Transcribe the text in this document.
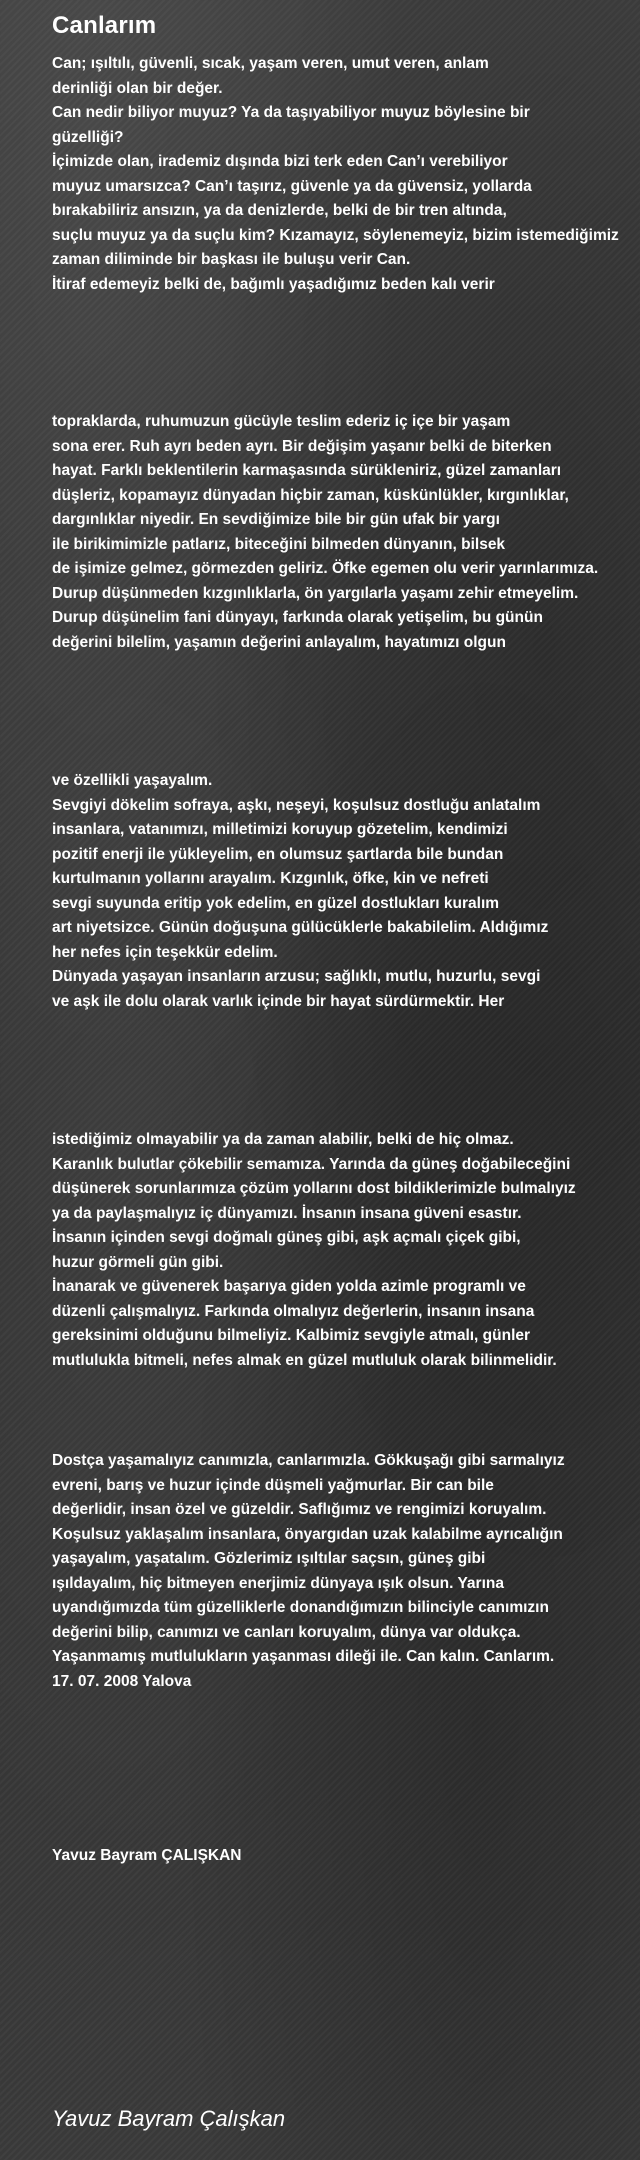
Canlarım
Can; ışıltılı, güvenli, sıcak, yaşam veren, umut veren, anlam
derinliği olan bir değer.
Can nedir biliyor muyuz? Ya da taşıyabiliyor muyuz böylesine bir
güzelliği?
İçimizde olan, irademiz dışında bizi terk eden Can’ı verebiliyor
muyuz umarsızca? Can’ı taşırız, güvenle ya da güvensiz, yollarda
bırakabiliriz ansızın, ya da denizlerde, belki de bir tren altında,
suçlu muyuz ya da suçlu kim? Kızamayız, söylenemeyiz, bizim istemediğimiz
zaman diliminde bir başkası ile buluşu verir Can.
İtiraf edemeyiz belki de, bağımlı yaşadığımız beden kalı verir
topraklarda, ruhumuzun gücüyle teslim ederiz iç içe bir yaşam
sona erer. Ruh ayrı beden ayrı. Bir değişim yaşanır belki de biterken
hayat. Farklı beklentilerin karmaşasında sürükleniriz, güzel zamanları
düşleriz, kopamayız dünyadan hiçbir zaman, küskünlükler, kırgınlıklar,
dargınlıklar niyedir. En sevdiğimize bile bir gün ufak bir yargı
ile birikimimizle patlarız, biteceğini bilmeden dünyanın, bilsek
de işimize gelmez, görmezden geliriz. Öfke egemen olu verir yarınlarımıza.
Durup düşünmeden kızgınlıklarla, ön yargılarla yaşamı zehir etmeyelim.
Durup düşünelim fani dünyayı, farkında olarak yetişelim, bu günün
değerini bilelim, yaşamın değerini anlayalım, hayatımızı olgun
ve özellikli yaşayalım.
Sevgiyi dökelim sofraya, aşkı, neşeyi, koşulsuz dostluğu anlatalım
insanlara, vatanımızı, milletimizi koruyup gözetelim, kendimizi
pozitif enerji ile yükleyelim, en olumsuz şartlarda bile bundan
kurtulmanın yollarını arayalım. Kızgınlık, öfke, kin ve nefreti
sevgi suyunda eritip yok edelim, en güzel dostlukları kuralım
art niyetsizce. Günün doğuşuna gülücüklerle bakabilelim. Aldığımız
her nefes için teşekkür edelim.
Dünyada yaşayan insanların arzusu; sağlıklı, mutlu, huzurlu, sevgi
ve aşk ile dolu olarak varlık içinde bir hayat sürdürmektir. Her
istediğimiz olmayabilir ya da zaman alabilir, belki de hiç olmaz.
Karanlık bulutlar çökebilir semamıza. Yarında da güneş doğabileceğini
düşünerek sorunlarımıza çözüm yollarını dost bildiklerimizle bulmalıyız
ya da paylaşmalıyız iç dünyamızı. İnsanın insana güveni esastır.
İnsanın içinden sevgi doğmalı güneş gibi, aşk açmalı çiçek gibi,
huzur görmeli gün gibi.
İnanarak ve güvenerek başarıya giden yolda azimle programlı ve
düzenli çalışmalıyız. Farkında olmalıyız değerlerin, insanın insana
gereksinimi olduğunu bilmeliyiz. Kalbimiz sevgiyle atmalı, günler
mutlulukla bitmeli, nefes almak en güzel mutluluk olarak bilinmelidir.
Dostça yaşamalıyız canımızla, canlarımızla. Gökkuşağı gibi sarmalıyız
evreni, barış ve huzur içinde düşmeli yağmurlar. Bir can bile
değerlidir, insan özel ve güzeldir. Saflığımız ve rengimizi koruyalım.
Koşulsuz yaklaşalım insanlara, önyargıdan uzak kalabilme ayrıcalığın
yaşayalım, yaşatalım. Gözlerimiz ışıltılar saçsın, güneş gibi
ışıldayalım, hiç bitmeyen enerjimiz dünyaya ışık olsun. Yarına
uyandığımızda tüm güzelliklerle donandığımızın bilinciyle canımızın
değerini bilip, canımızı ve canları koruyalım, dünya var oldukça.
Yaşanmamış mutlulukların yaşanması dileği ile. Can kalın. Canlarım.
17. 07. 2008 Yalova
Yavuz Bayram ÇALIŞKAN
Yavuz Bayram Çalışkan
